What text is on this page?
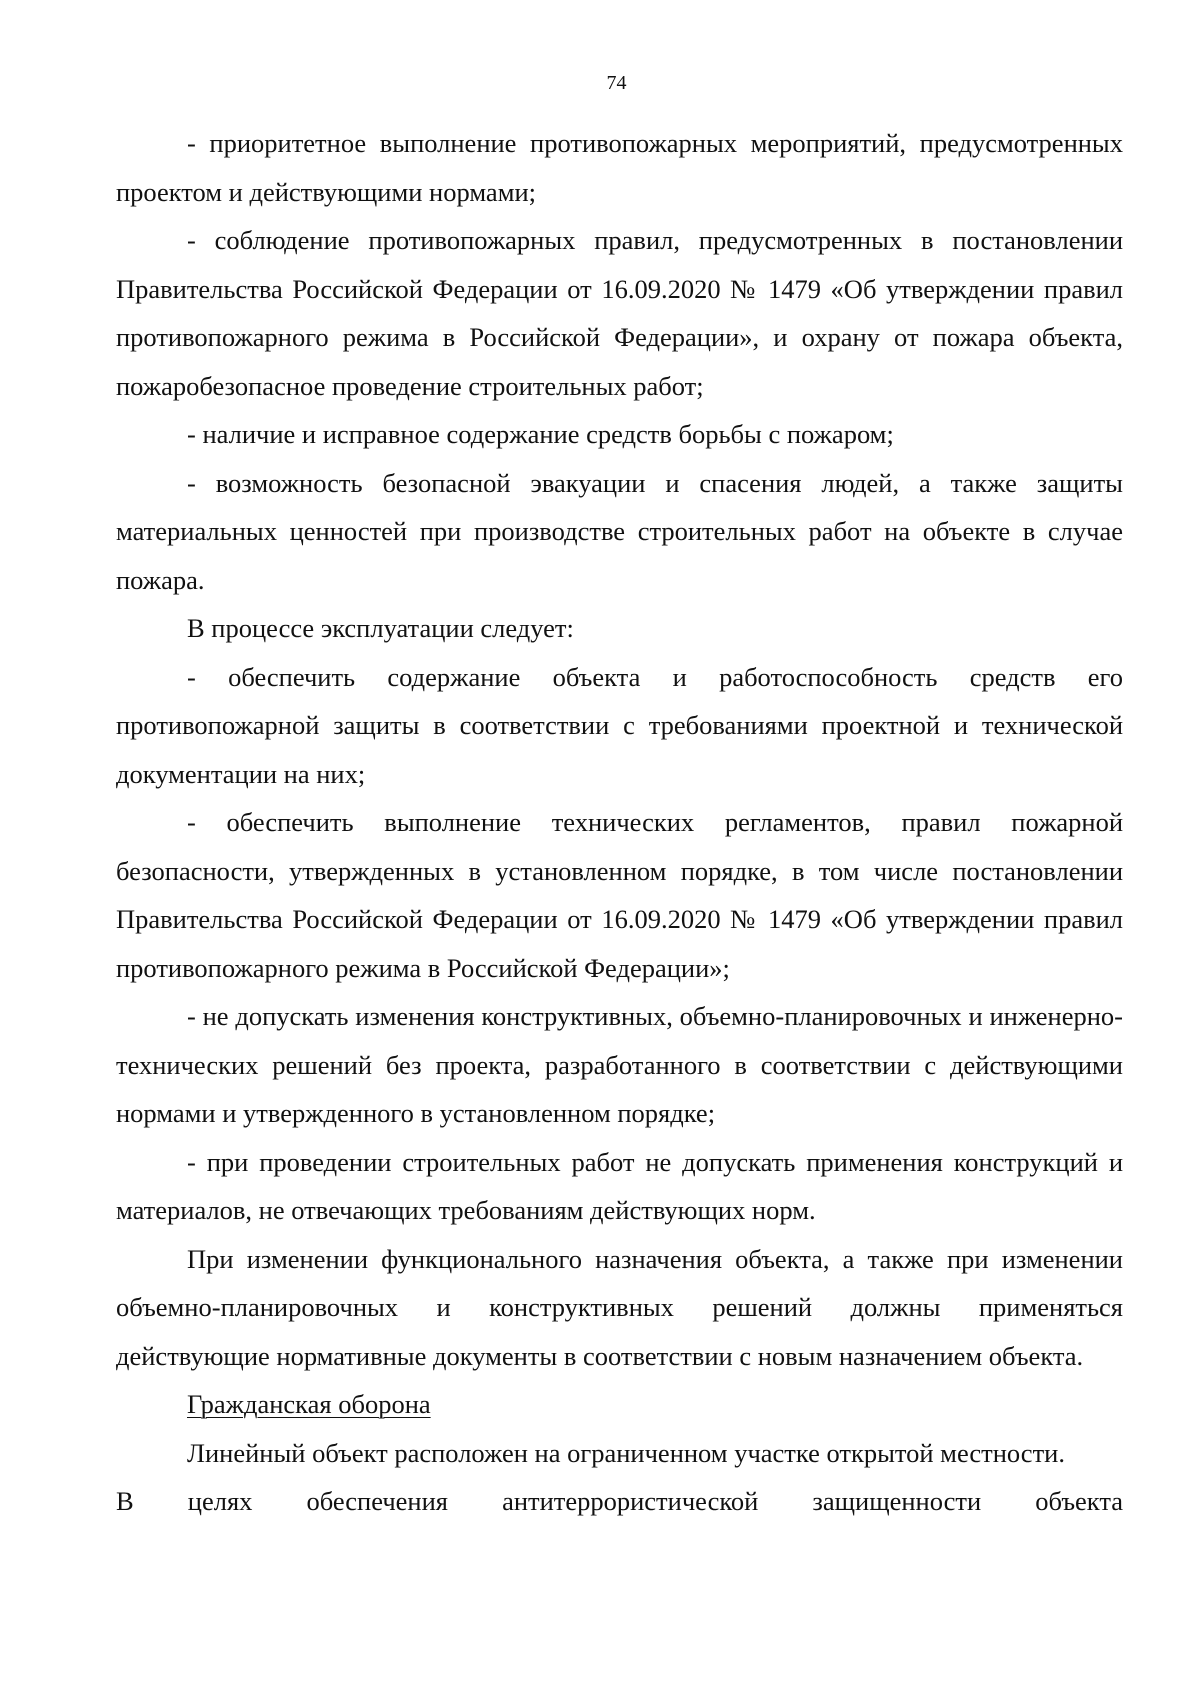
74

- приоритетное выполнение противопожарных мероприятий, предусмотренных проектом и действующими нормами;

- соблюдение противопожарных правил, предусмотренных в постановлении Правительства Российской Федерации от 16.09.2020 № 1479 «Об утверждении правил противопожарного режима в Российской Федерации», и охрану от пожара объекта, пожаробезопасное проведение строительных работ;

- наличие и исправное содержание средств борьбы с пожаром;

- возможность безопасной эвакуации и спасения людей, а также защиты материальных ценностей при производстве строительных работ на объекте в случае пожара.

В процессе эксплуатации следует:

- обеспечить содержание объекта и работоспособность средств его противопожарной защиты в соответствии с требованиями проектной и технической документации на них;

- обеспечить выполнение технических регламентов, правил пожарной безопасности, утвержденных в установленном порядке, в том числе постановлении Правительства Российской Федерации от 16.09.2020 № 1479 «Об утверждении правил противопожарного режима в Российской Федерации»;

- не допускать изменения конструктивных, объемно-планировочных и инженерно-технических решений без проекта, разработанного в соответствии с действующими нормами и утвержденного в установленном порядке;

- при проведении строительных работ не допускать применения конструкций и материалов, не отвечающих требованиям действующих норм.

При изменении функционального назначения объекта, а также при изменении объемно-планировочных и конструктивных решений должны применяться действующие нормативные документы в соответствии с новым назначением объекта.

Гражданская оборона

Линейный объект расположен на ограниченном участке открытой местности.

В целях обеспечения антитеррористической защищенности объекта
